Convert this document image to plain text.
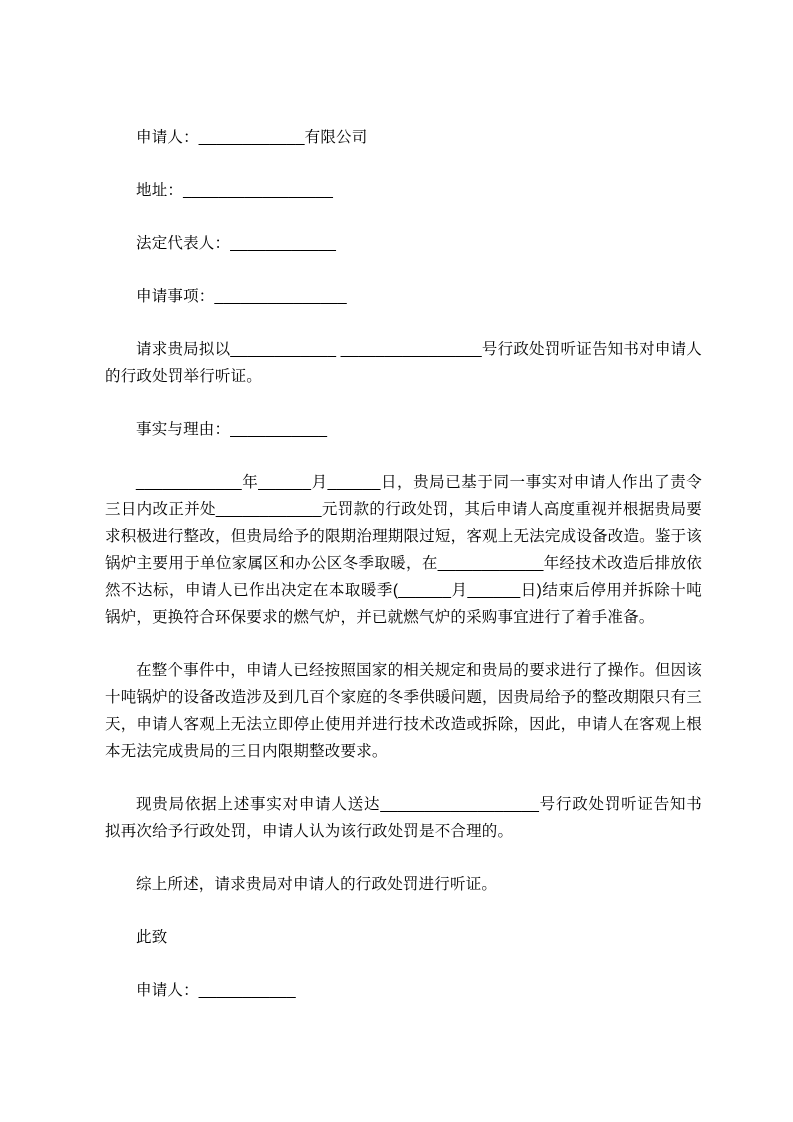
申请人：____________有限公司

地址：_________________

法定代表人：____________

申请事项：_______________

请求贵局拟以____________ ________________号行政处罚听证告知书对申请人的行政处罚举行听证。

事实与理由：___________

____________年______月______日，贵局已基于同一事实对申请人作出了责令三日内改正并处____________元罚款的行政处罚，其后申请人高度重视并根据贵局要求积极进行整改，但贵局给予的限期治理期限过短，客观上无法完成设备改造。鉴于该锅炉主要用于单位家属区和办公区冬季取暖，在____________年经技术改造后排放依然不达标，申请人已作出决定在本取暖季(______月______日)结束后停用并拆除十吨锅炉，更换符合环保要求的燃气炉，并已就燃气炉的采购事宜进行了着手准备。

在整个事件中，申请人已经按照国家的相关规定和贵局的要求进行了操作。但因该十吨锅炉的设备改造涉及到几百个家庭的冬季供暖问题，因贵局给予的整改期限只有三天，申请人客观上无法立即停止使用并进行技术改造或拆除，因此，申请人在客观上根本无法完成贵局的三日内限期整改要求。

现贵局依据上述事实对申请人送达__________________号行政处罚听证告知书拟再次给予行政处罚，申请人认为该行政处罚是不合理的。

综上所述，请求贵局对申请人的行政处罚进行听证。

此致

申请人：___________
